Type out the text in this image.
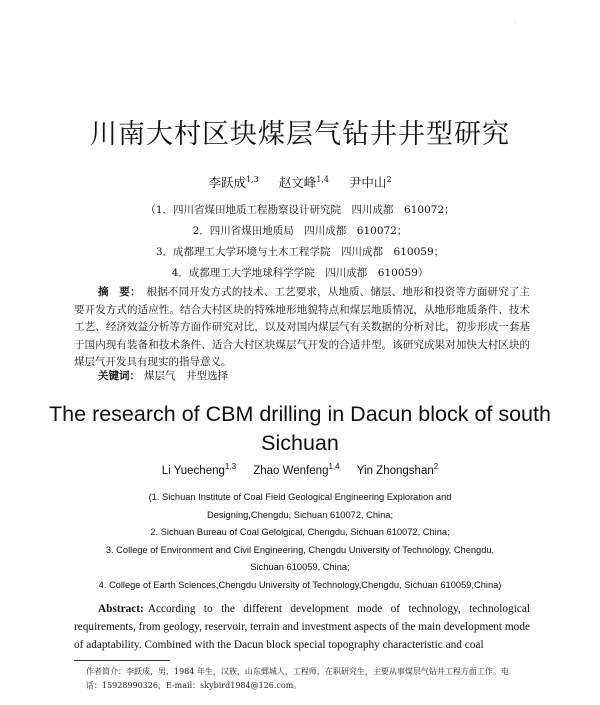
.
川南大村区块煤层气钻井井型研究
李跃成$^{1,3}$ 赵文峰$^{1,4}$ 尹中山$^2$
（1．四川省煤田地质工程勘察设计研究院　四川成都　610072；
2．四川省煤田地质局　四川成都　610072；
3．成都理工大学环境与土木工程学院　四川成都　610059；
4．成都理工大学地球科学学院　四川成都　610059）
摘　要： 根据不同开发方式的技术、工艺要求，从地质、储层、地形和投资等方面研究了主要开发方式的适应性。结合大村区块的特殊地形地貌特点和煤层地质情况，从地形地质条件、技术工艺、经济效益分析等方面作研究对比，以及对国内煤层气有关数据的分析对比，初步形成一套基于国内现有装备和技术条件、适合大村区块煤层气开发的合适井型。该研究成果对加快大村区块的煤层气开发具有现实的指导意义。
关键词： 煤层气　井型选择
The research of CBM drilling in Dacun block of south Sichuan
Li Yuecheng$^{1,3}$ Zhao Wenfeng$^{1,4}$ Yin Zhongshan$^2$
(1. Sichuan Institute of Coal Field Geological Engineering Exploration and
Designing,Chengdu, Sichuan 610072, China;
2. Sichuan Bureau of Coal Gelolgical, Chengdu, Sichuan 610072, China;
3. College of Environment and Civil Engineering, Chengdu University of Technology, Chengdu,
Sichuan 610059, China;
4. College of Earth Sciences,Chengdu University of Technology,Chengdu, Sichuan 610059,China)
Abstract: According to the different development mode of technology, technological requirements, from geology, reservoir, terrain and investment aspects of the main development mode of adaptability. Combined with the Dacun block special topography characteristic and coal
作者简介：李跃成，男，1984 年生，汉族，山东鄄城人，工程师，在职研究生，主要从事煤层气钻井工程方面工作。电
话：15928990326，E-mail：skybird1984@126.com。
